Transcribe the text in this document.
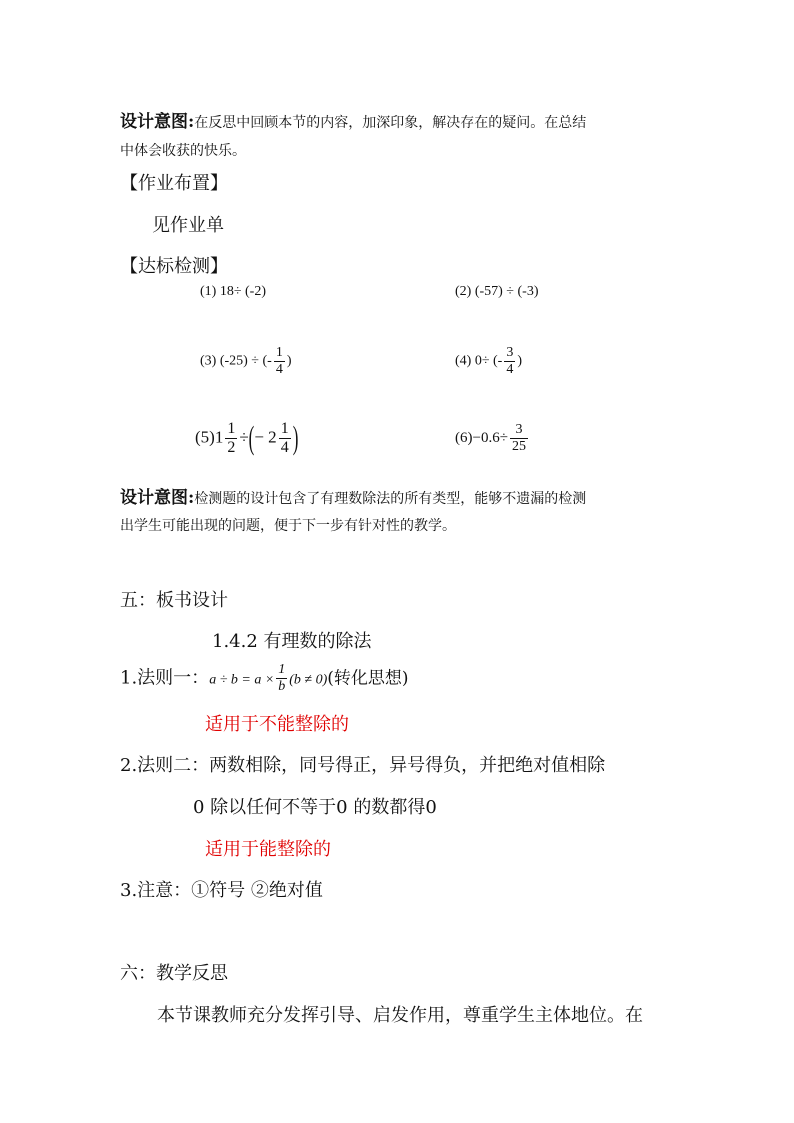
设计意图:在反思中回顾本节的内容，加深印象，解决存在的疑问。在总结
中体会收获的快乐。
【作业布置】
见作业单
【达标检测】
(1) 18÷ (-2)	(2) (-57) ÷ (-3)
(3) (-25) ÷ (- $\frac{1}{4}$ )	(4) 0÷ (- $\frac{3}{4}$ )
$(5)1 \frac{1}{2}$ ÷(− $2 \frac{1}{4}$ )	$(6)-0.6\div \frac{3}{25}$
设计意图:检测题的设计包含了有理数除法的所有类型，能够不遗漏的检测
出学生可能出现的问题，便于下一步有针对性的教学。
五：板书设计
1.4.2 有理数的除法
1.法则一：$a \div b = a \times \frac{1}{b} (b \ne 0)$(转化思想)
适用于不能整除的
2.法则二：两数相除，同号得正，异号得负，并把绝对值相除
0 除以任何不等于0 的数都得0
适用于能整除的
3.注意：①符号 ②绝对值
六：教学反思
本节课教师充分发挥引导、启发作用，尊重学生主体地位。在
